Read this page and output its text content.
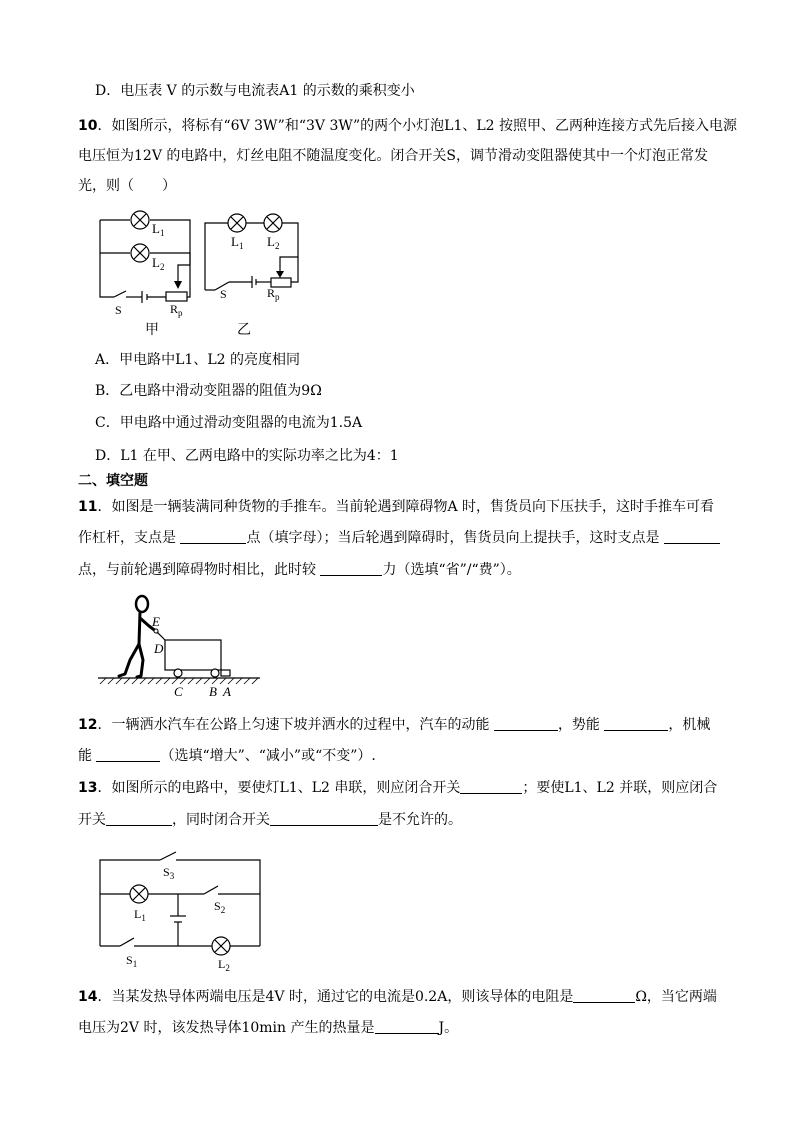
D．电压表 V 的示数与电流表A1 的示数的乘积变小
10．如图所示，将标有“6V 3W”和“3V 3W”的两个小灯泡L1、L2 按照甲、乙两种连接方式先后接入电源
电压恒为12V 的电路中，灯丝电阻不随温度变化。闭合开关S，调节滑动变阻器使其中一个灯泡正常发
光，则（　　）
$L_1$
$L_2$
S	$R_p$
甲
$L_1$ $L_2$
S	$R_p$
乙
A．甲电路中L1、L2 的亮度相同
B．乙电路中滑动变阻器的阻值为9Ω
C．甲电路中通过滑动变阻器的电流为1.5A
D．L1 在甲、乙两电路中的实际功率之比为4：1
二、填空题
11．如图是一辆装满同种货物的手推车。当前轮遇到障碍物A 时，售货员向下压扶手，这时手推车可看
作杠杆，支点是	点（填字母）；当后轮遇到障碍时，售货员向上提扶手，这时支点是
点，与前轮遇到障碍物时相比，此时较	力（选填“省”/“费”）。
E
D
C B A
12．一辆洒水汽车在公路上匀速下坡并洒水的过程中，汽车的动能	，势能	，机械
能	（选填“增大”、“减小”或“不变”）.
13．如图所示的电路中，要使灯L1、L2 串联，则应闭合开关	；要使L1、L2 并联，则应闭合
开关	，同时闭合开关	是不允许的。
$S_3$
$S_2$
$L_1$
$S_1$	$L_2$
14．当某发热导体两端电压是4V 时，通过它的电流是0.2A，则该导体的电阻是	Ω，当它两端
电压为2V 时，该发热导体10min 产生的热量是	J。
